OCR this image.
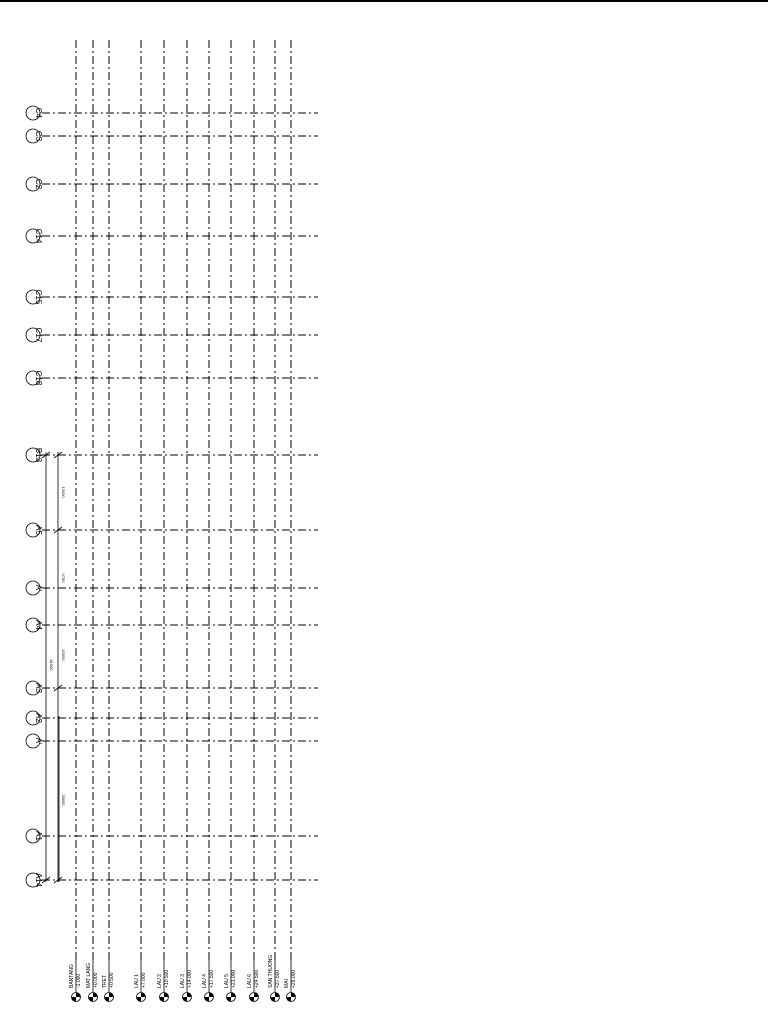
C4
C3
C2
C14
C15
C17
C18
B13
A5
A'
A4
A3
A2
A'
A1
A14
13000
9750
10000
81500
25000
BANTANG -1.000 MAT LANG +0.000 TRET +0.500	LAU 1 +7.000 LAU 2 +10.500 LAU 3 +14.000 LAU 4 +17.500 LAU 5 +21.000 LAU 6 +24.500 SAN THUONG +27.500 MAI +29.000
